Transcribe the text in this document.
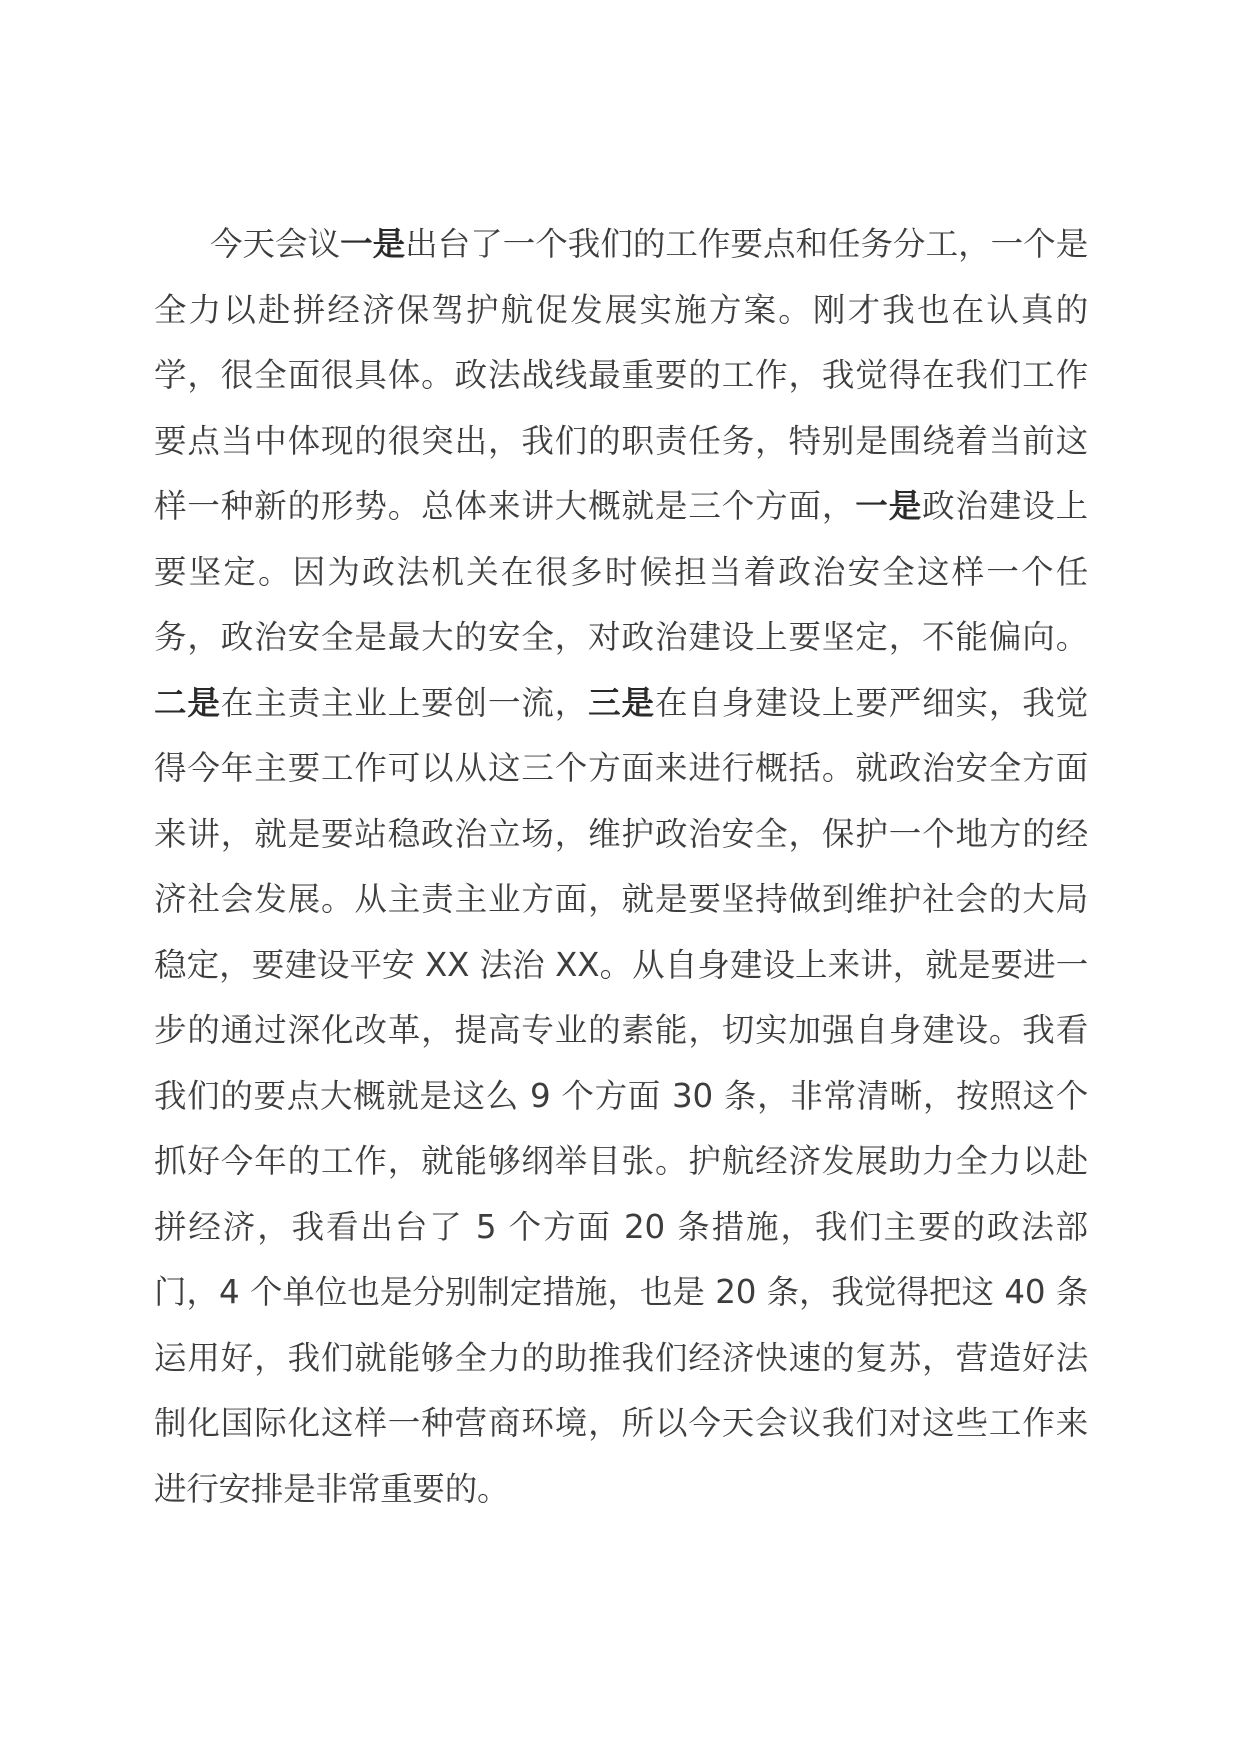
今天会议一是出台了一个我们的工作要点和任务分工，一个是全力以赴拼经济保驾护航促发展实施方案。刚才我也在认真的学，很全面很具体。政法战线最重要的工作，我觉得在我们工作要点当中体现的很突出，我们的职责任务，特别是围绕着当前这样一种新的形势。总体来讲大概就是三个方面，一是政治建设上要坚定。因为政法机关在很多时候担当着政治安全这样一个任务，政治安全是最大的安全，对政治建设上要坚定，不能偏向。二是在主责主业上要创一流，三是在自身建设上要严细实，我觉得今年主要工作可以从这三个方面来进行概括。就政治安全方面来讲，就是要站稳政治立场，维护政治安全，保护一个地方的经济社会发展。从主责主业方面，就是要坚持做到维护社会的大局稳定，要建设平安 XX 法治 XX。从自身建设上来讲，就是要进一步的通过深化改革，提高专业的素能，切实加强自身建设。我看我们的要点大概就是这么 9 个方面 30 条，非常清晰，按照这个抓好今年的工作，就能够纲举目张。护航经济发展助力全力以赴拼经济，我看出台了 5 个方面 20 条措施，我们主要的政法部门，4 个单位也是分别制定措施，也是 20 条，我觉得把这 40 条运用好，我们就能够全力的助推我们经济快速的复苏，营造好法制化国际化这样一种营商环境，所以今天会议我们对这些工作来进行安排是非常重要的。
